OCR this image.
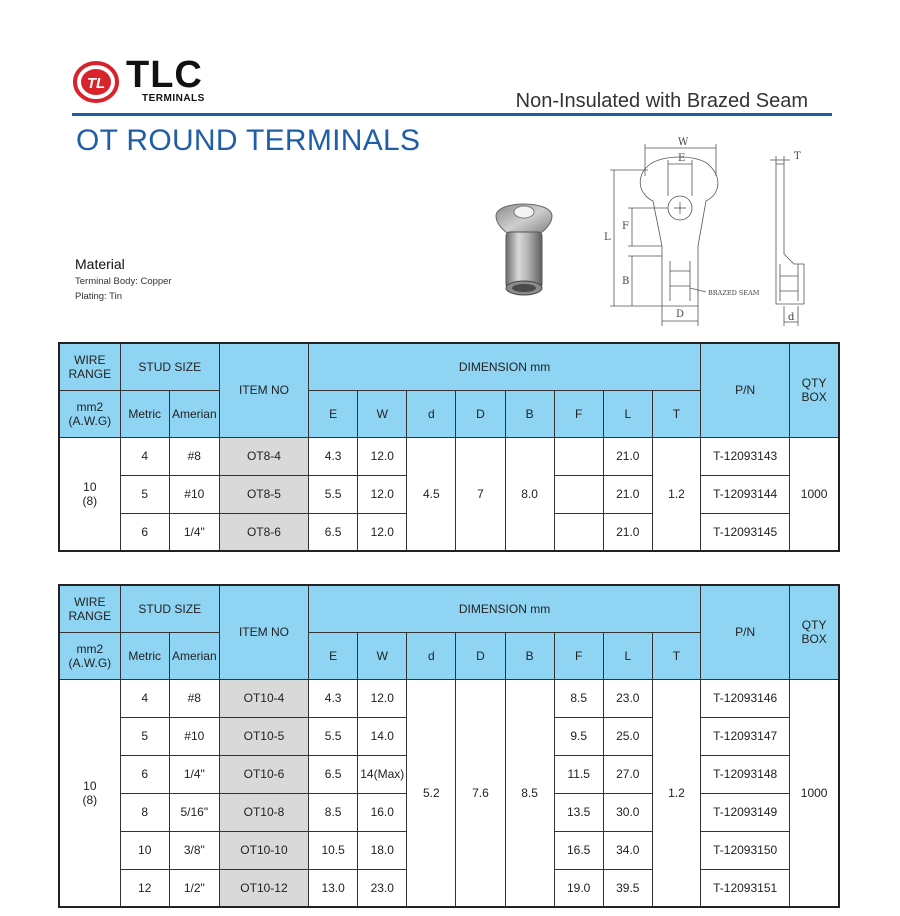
TL TLC
TERMINALS	Non-Insulated with Brazed Seam
OT ROUND TERMINALS
Material
Terminal Body: Copper
Plating: Tin
W
E
L
F
B
D
T
d
BRAZED SEAM
WIRE RANGE	STUD SIZE		ITEM NO	DIMENSION mm								P/N	QTY BOX
mm2 (A.W.G)	Metric	Amerian		E	W	d	D	B	F	L	T		
10
(8)	4	#8	OT8-4	4.3	12.0	4.5	7	8.0		21.0	1.2	T-12093143	1000
	5	#10	OT8-5	5.5	12.0					21.0		T-12093144	
	6	1/4"	OT8-6	6.5	12.0					21.0		T-12093145	
WIRE RANGE	STUD SIZE		ITEM NO	DIMENSION mm								P/N	QTY BOX
mm2 (A.W.G)	Metric	Amerian		E	W	d	D	B	F	L	T		
10
(8)	4	#8	OT10-4	4.3	12.0	5.2	7.6	8.5	8.5	23.0	1.2	T-12093146	1000
	5	#10	OT10-5	5.5	14.0				9.5	25.0		T-12093147	
	6	1/4"	OT10-6	6.5	14(Max)				11.5	27.0		T-12093148	
	8	5/16"	OT10-8	8.5	16.0				13.5	30.0		T-12093149	
	10	3/8"	OT10-10	10.5	18.0				16.5	34.0		T-12093150	
	12	1/2"	OT10-12	13.0	23.0				19.0	39.5		T-12093151	
